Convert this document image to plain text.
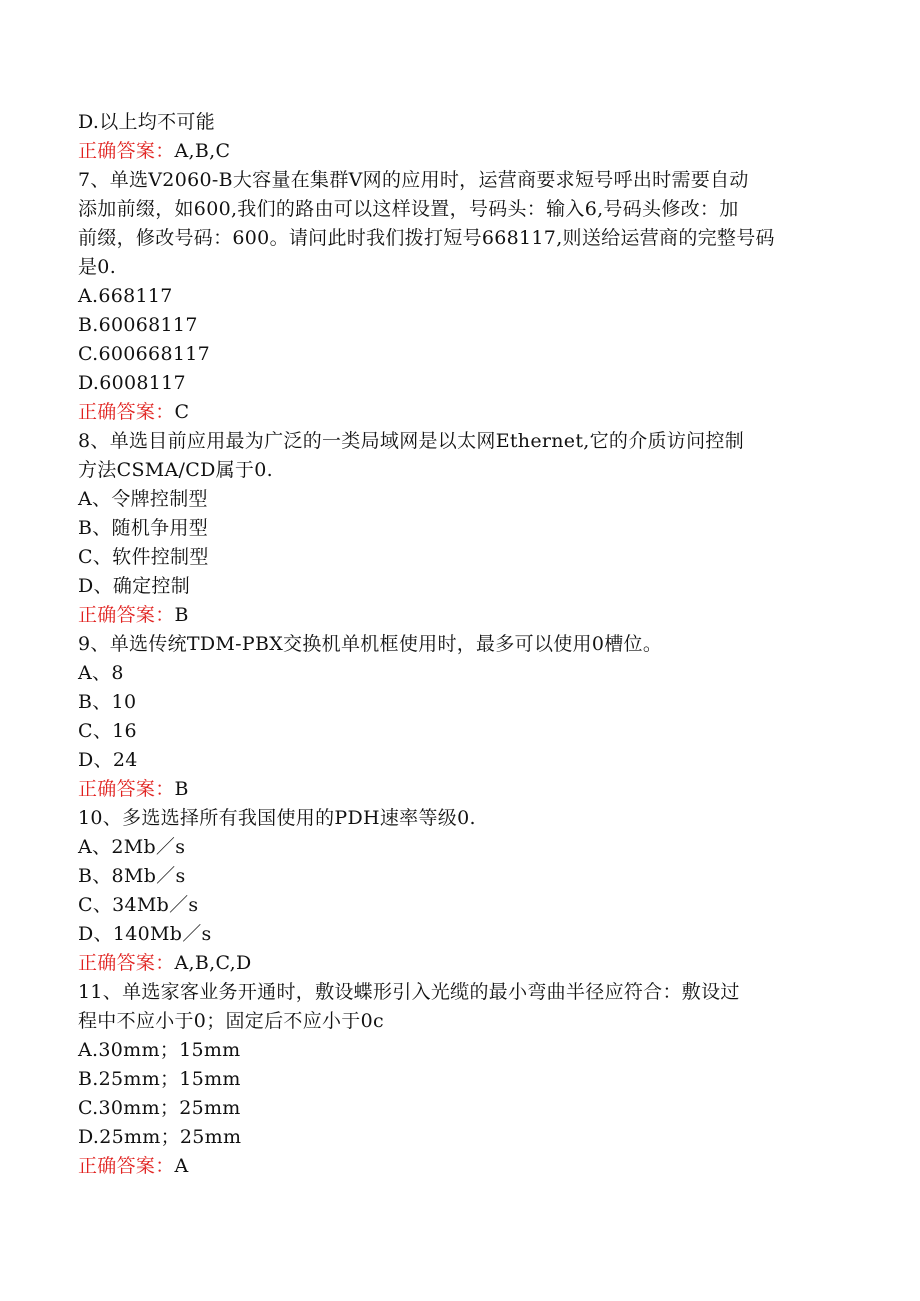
D.以上均不可能
正确答案：A,B,C
7、单选V2060-B大容量在集群V网的应用时，运营商要求短号呼出时需要自动
添加前缀，如600,我们的路由可以这样设置，号码头：输入6,号码头修改：加
前缀，修改号码：600。请问此时我们拨打短号668117,则送给运营商的完整号码
是0.
A.668117
B.60068117
C.600668117
D.6008117
正确答案：C
8、单选目前应用最为广泛的一类局域网是以太网Ethernet,它的介质访问控制
方法CSMA/CD属于0.
A、令牌控制型
B、随机争用型
C、软件控制型
D、确定控制
正确答案：B
9、单选传统TDM-PBX交换机单机框使用时，最多可以使用0槽位。
A、8
B、10
C、16
D、24
正确答案：B
10、多选选择所有我国使用的PDH速率等级0.
A、2Mb／s
B、8Mb／s
C、34Mb／s
D、140Mb／s
正确答案：A,B,C,D
11、单选家客业务开通时，敷设蝶形引入光缆的最小弯曲半径应符合：敷设过
程中不应小于0；固定后不应小于0c
A.30mm；15mm
B.25mm；15mm
C.30mm；25mm
D.25mm；25mm
正确答案：A
